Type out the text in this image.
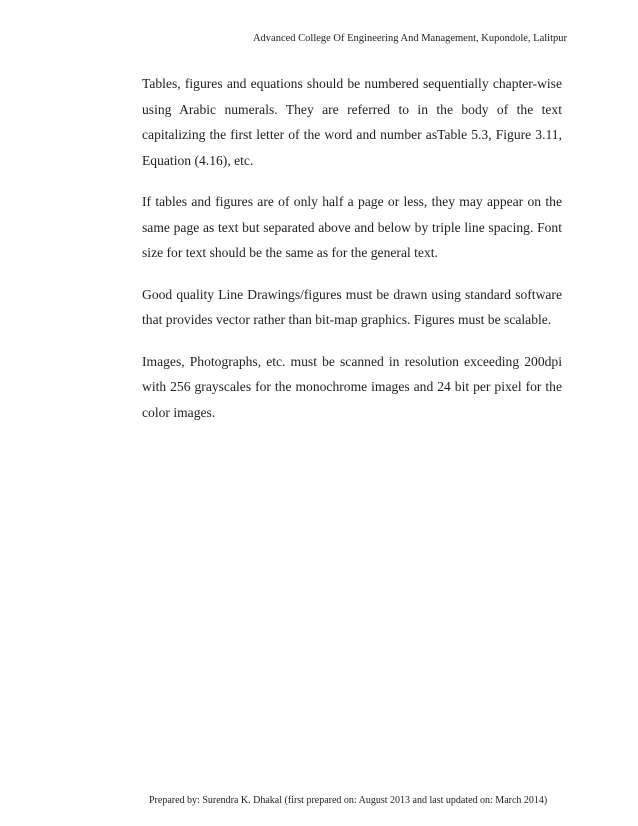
Advanced College Of Engineering And Management, Kupondole, Lalitpur

Tables, figures and equations should be numbered sequentially chapter-wise using Arabic numerals. They are referred to in the body of the text capitalizing the first letter of the word and number asTable 5.3, Figure 3.11, Equation (4.16), etc.

If tables and figures are of only half a page or less, they may appear on the same page as text but separated above and below by triple line spacing. Font size for text should be the same as for the general text.

Good quality Line Drawings/figures must be drawn using standard software that provides vector rather than bit-map graphics. Figures must be scalable.

Images, Photographs, etc. must be scanned in resolution exceeding 200dpi with 256 grayscales for the monochrome images and 24 bit per pixel for the color images.

Prepared by: Surendra K. Dhakal (first prepared on: August 2013 and last updated on: March 2014)
